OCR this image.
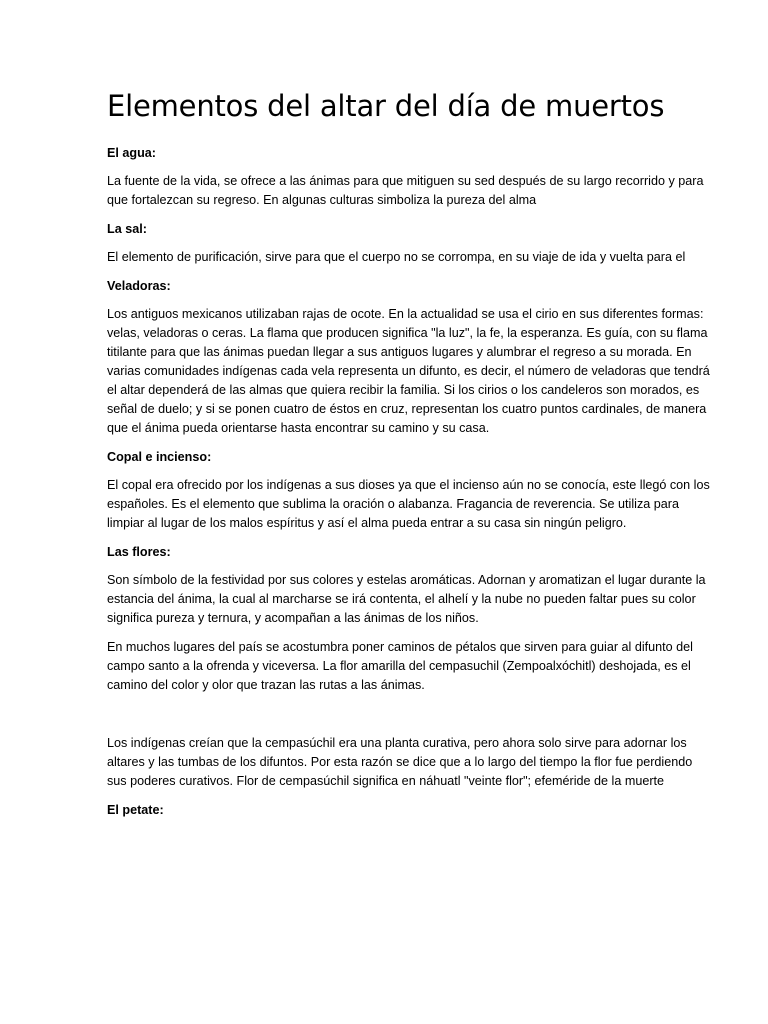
Elementos del altar del día de muertos

El agua:

La fuente de la vida, se ofrece a las ánimas para que mitiguen su sed después de su largo recorrido y para que fortalezcan su regreso. En algunas culturas simboliza la pureza del alma

La sal:

El elemento de purificación, sirve para que el cuerpo no se corrompa, en su viaje de ida y vuelta para el

Veladoras:

Los antiguos mexicanos utilizaban rajas de ocote. En la actualidad se usa el cirio en sus diferentes formas: velas, veladoras o ceras. La flama que producen significa "la luz", la fe, la esperanza. Es guía, con su flama titilante para que las ánimas puedan llegar a sus antiguos lugares y alumbrar el regreso a su morada. En varias comunidades indígenas cada vela representa un difunto, es decir, el número de veladoras que tendrá el altar dependerá de las almas que quiera recibir la familia. Si los cirios o los candeleros son morados, es señal de duelo; y si se ponen cuatro de éstos en cruz, representan los cuatro puntos cardinales, de manera que el ánima pueda orientarse hasta encontrar su camino y su casa.

Copal e incienso:

El copal era ofrecido por los indígenas a sus dioses ya que el incienso aún no se conocía, este llegó con los españoles. Es el elemento que sublima la oración o alabanza. Fragancia de reverencia. Se utiliza para limpiar al lugar de los malos espíritus y así el alma pueda entrar a su casa sin ningún peligro.

Las flores:

Son símbolo de la festividad por sus colores y estelas aromáticas. Adornan y aromatizan el lugar durante la estancia del ánima, la cual al marcharse se irá contenta, el alhelí y la nube no pueden faltar pues su color significa pureza y ternura, y acompañan a las ánimas de los niños.

En muchos lugares del país se acostumbra poner caminos de pétalos que sirven para guiar al difunto del campo santo a la ofrenda y viceversa. La flor amarilla del cempasuchil (Zempoalxóchitl) deshojada, es el camino del color y olor que trazan las rutas a las ánimas.

Los indígenas creían que la cempasúchil era una planta curativa, pero ahora solo sirve para adornar los altares y las tumbas de los difuntos. Por esta razón se dice que a lo largo del tiempo la flor fue perdiendo sus poderes curativos. Flor de cempasúchil significa en náhuatl "veinte flor"; efeméride de la muerte

El petate:
